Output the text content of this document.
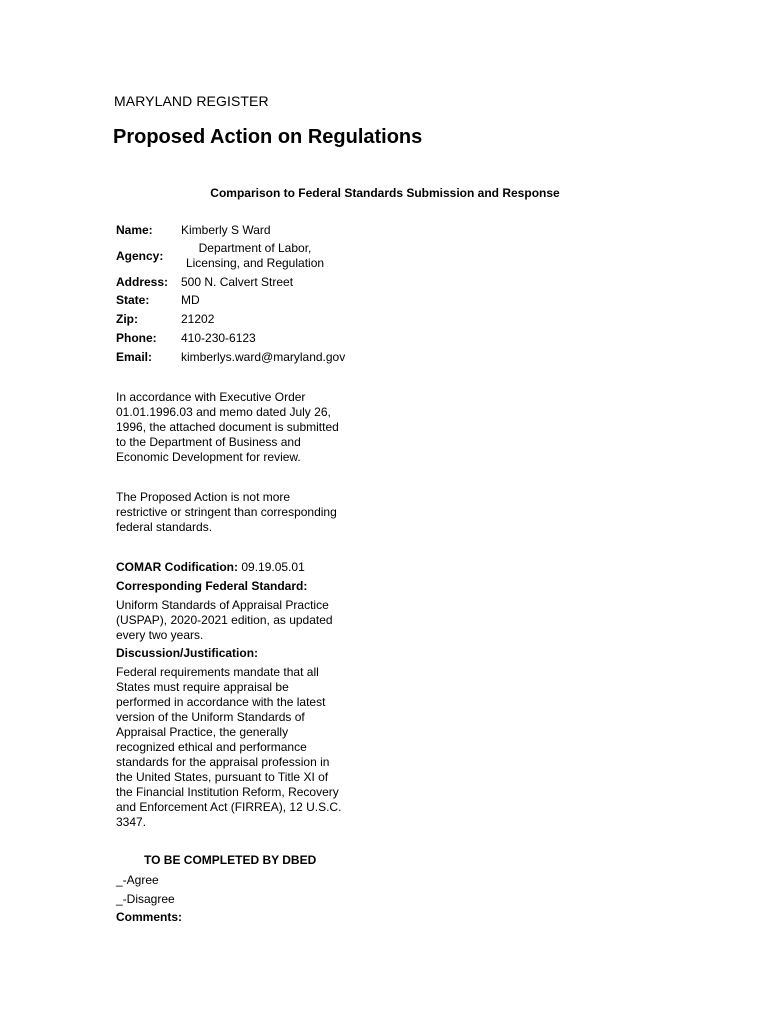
MARYLAND REGISTER
Proposed Action on Regulations
Comparison to Federal Standards Submission and Response
Name: Kimberly S Ward
Agency:
Department of Labor,
Licensing, and Regulation
Address: 500 N. Calvert Street
State:	MD
Zip:	21202
Phone: 410-230-6123
Email: kimberlys.ward@maryland.gov
In accordance with Executive Order
01.01.1996.03 and memo dated July 26,
1996, the attached document is submitted
to the Department of Business and
Economic Development for review.
The Proposed Action is not more
restrictive or stringent than corresponding
federal standards.
COMAR Codification: 09.19.05.01
Corresponding Federal Standard:
Uniform Standards of Appraisal Practice
(USPAP), 2020-2021 edition, as updated
every two years.
Discussion/Justification:
Federal requirements mandate that all
States must require appraisal be
performed in accordance with the latest
version of the Uniform Standards of
Appraisal Practice, the generally
recognized ethical and performance
standards for the appraisal profession in
the United States, pursuant to Title XI of
the Financial Institution Reform, Recovery
and Enforcement Act (FIRREA), 12 U.S.C.
3347.
TO BE COMPLETED BY DBED
_-Agree
_-Disagree
Comments:
